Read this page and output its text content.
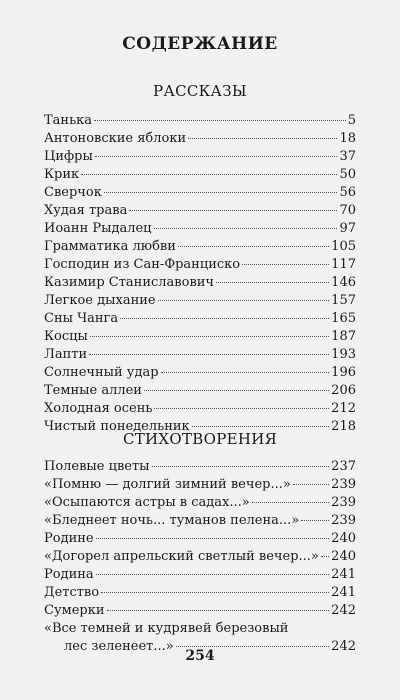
СОДЕРЖАНИЕ
РАССКАЗЫ
Танька	5
Антоновские яблоки	18
Цифры	37
Крик	50
Сверчок	56
Худая трава	70
Иоанн Рыдалец	97
Грамматика любви	105
Господин из Сан-Франциско	117
Казимир Станиславович	146
Легкое дыхание	157
Сны Чанга	165
Косцы	187
Лапти	193
Солнечный удар	196
Темные аллеи	206
Холодная осень	212
Чистый понедельник	218
СТИХОТВОРЕНИЯ
Полевые цветы	237
«Помню — долгий зимний вечер...»	239
«Осыпаются астры в садах...»	239
«Бледнеет ночь... туманов пелена...» 239
Родине	240
«Догорел апрельский светлый вечер...» 240
Родина	241
Детство	241
Сумерки	242
«Все темней и кудрявей березовый
лес зеленеет...»	242
254
